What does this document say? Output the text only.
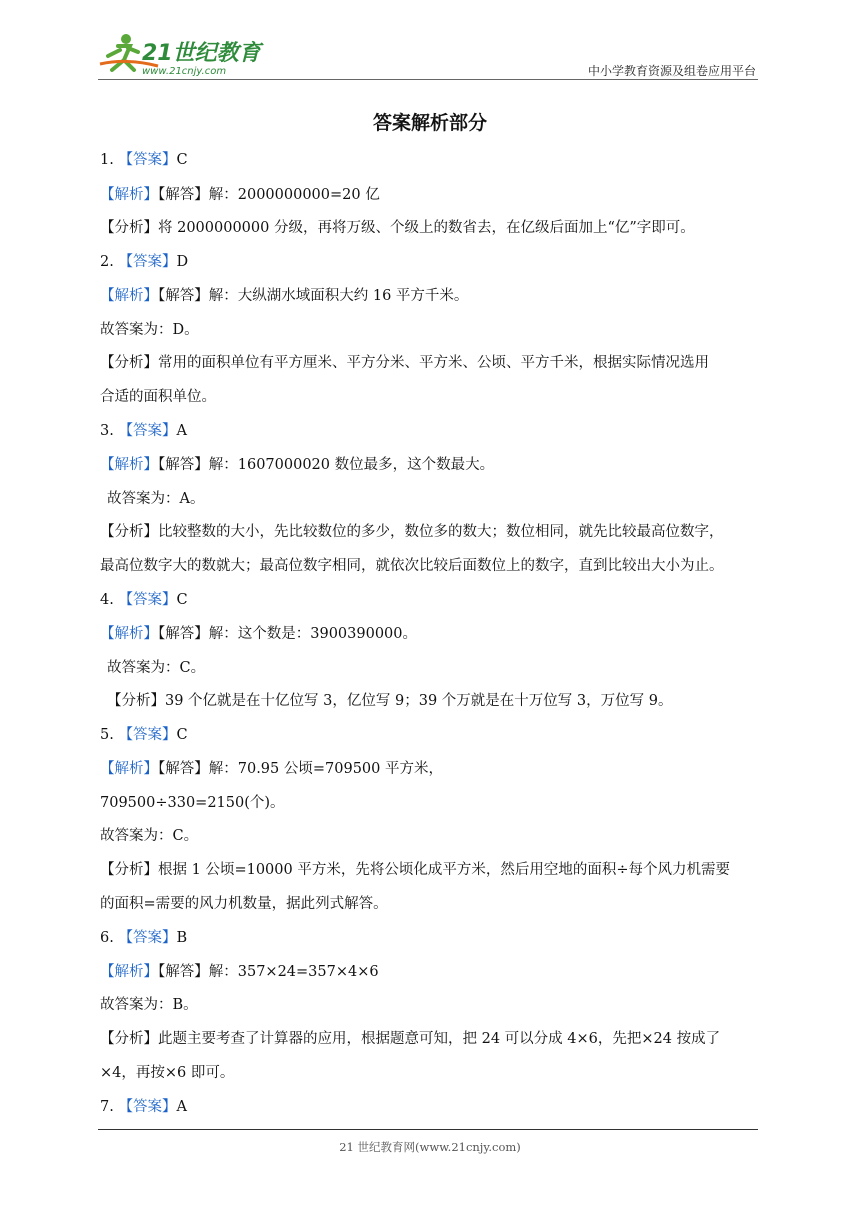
21世纪教育
www.21cnjy.com	中小学教育资源及组卷应用平台
答案解析部分
1. 【答案】C
【解析】【解答】解：2000000000=20 亿
【分析】将 2000000000 分级，再将万级、个级上的数省去，在亿级后面加上“亿”字即可。
2. 【答案】D
【解析】【解答】解：大纵湖水域面积大约 16 平方千米。
故答案为：D。
【分析】常用的面积单位有平方厘米、平方分米、平方米、公顷、平方千米，根据实际情况选用
合适的面积单位。
3. 【答案】A
【解析】【解答】解：1607000020 数位最多，这个数最大。
故答案为：A。
【分析】比较整数的大小，先比较数位的多少，数位多的数大；数位相同，就先比较最高位数字，
最高位数字大的数就大；最高位数字相同，就依次比较后面数位上的数字，直到比较出大小为止。
4. 【答案】C
【解析】【解答】解：这个数是：3900390000。
故答案为：C。
【分析】39 个亿就是在十亿位写 3，亿位写 9；39 个万就是在十万位写 3，万位写 9。
5. 【答案】C
【解析】【解答】解：70.95 公顷=709500 平方米，
709500÷330=2150(个)。
故答案为：C。
【分析】根据 1 公顷=10000 平方米，先将公顷化成平方米，然后用空地的面积÷每个风力机需要
的面积=需要的风力机数量，据此列式解答。
6. 【答案】B
【解析】【解答】解：357×24=357×4×6
故答案为：B。
【分析】此题主要考查了计算器的应用，根据题意可知，把 24 可以分成 4×6，先把×24 按成了
×4，再按×6 即可。
7. 【答案】A
21 世纪教育网(www.21cnjy.com)
